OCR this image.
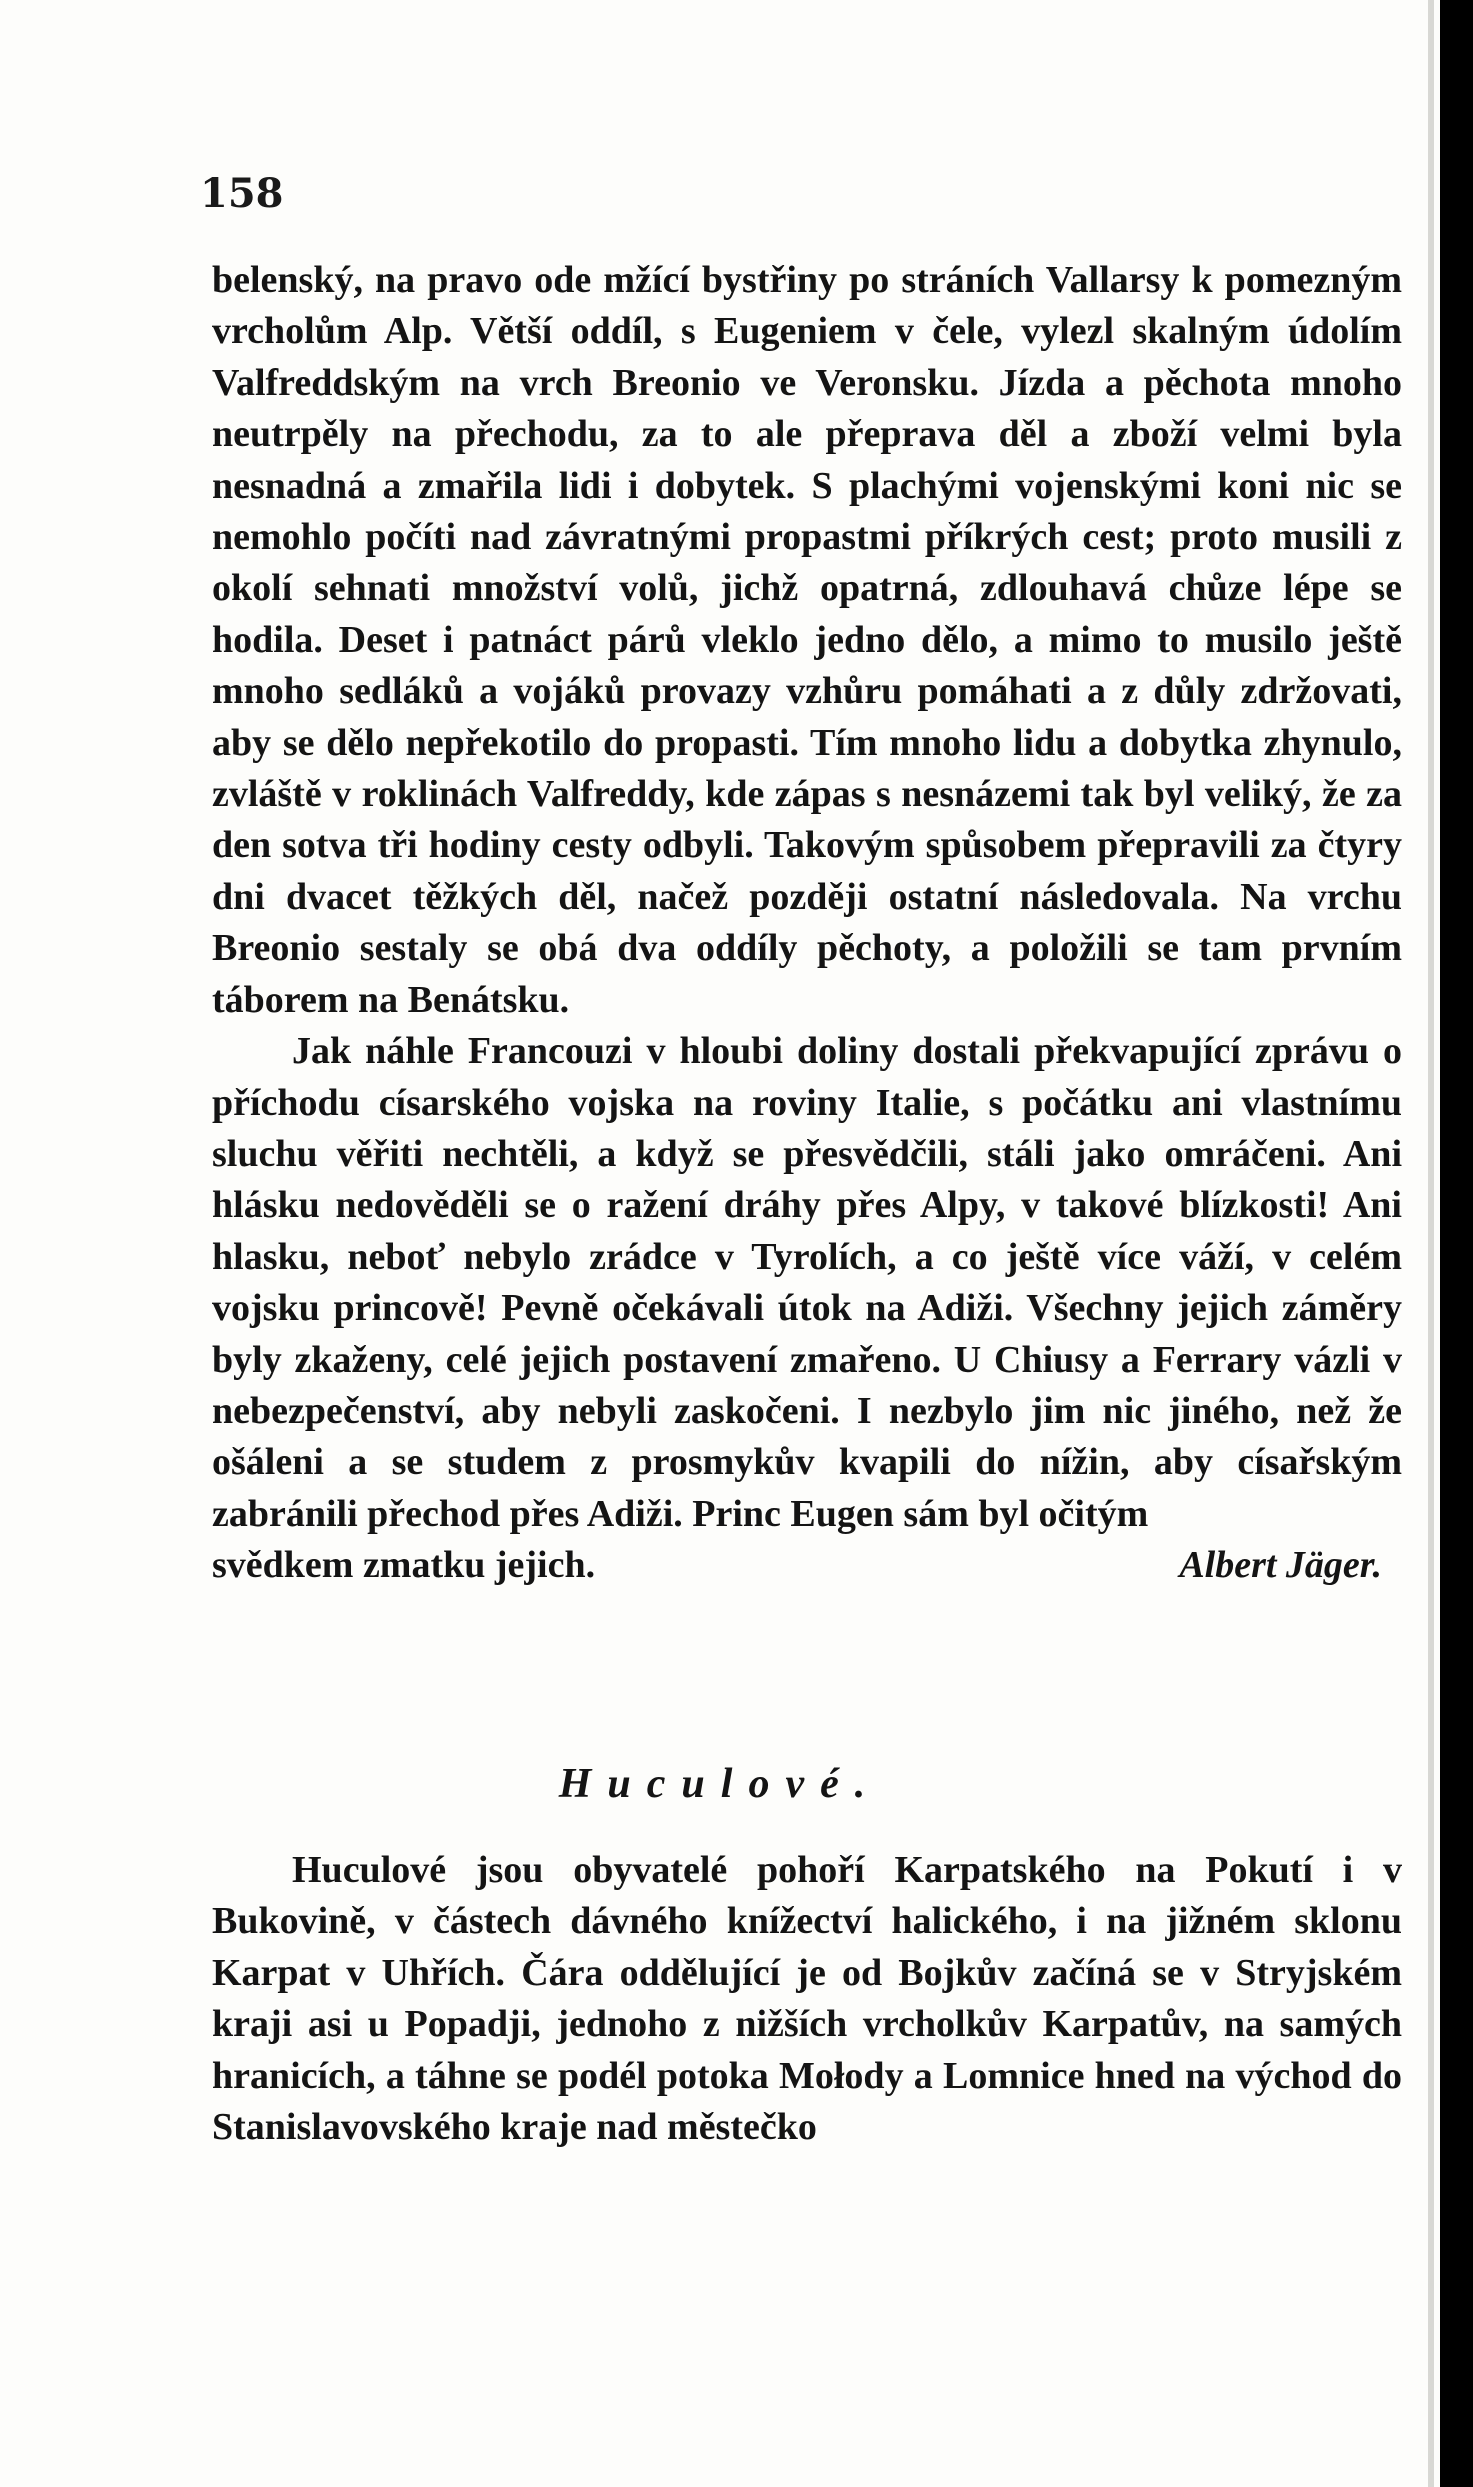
158

belenský, na pravo ode mžící bystřiny po stráních Vallarsy k pomezným vrcholům Alp. Větší oddíl, s Eugeniem v čele, vylezl skalným údolím Valfreddským na vrch Breonio ve Veronsku. Jízda a pěchota mnoho neutrpěly na přechodu, za to ale přeprava děl a zboží velmi byla nesnadná a zmařila lidi i dobytek. S plachými vojenskými koni nic se nemohlo počíti nad závratnými propastmi příkrých cest; proto musili z okolí sehnati množství volů, jichž opatrná, zdlouhavá chůze lépe se hodila. Deset i patnáct párů vleklo jedno dělo, a mimo to musilo ještě mnoho sedláků a vojáků provazy vzhůru pomáhati a z důly zdržovati, aby se dělo nepřekotilo do propasti. Tím mnoho lidu a dobytka zhynulo, zvláště v roklinách Valfreddy, kde zápas s nesnázemi tak byl veliký, že za den sotva tři hodiny cesty odbyli. Takovým spůsobem přepravili za čtyry dni dvacet těžkých děl, načež později ostatní následovala. Na vrchu Breonio sestaly se obá dva oddíly pěchoty, a položili se tam prvním táborem na Benátsku.

Jak náhle Francouzi v hloubi doliny dostali překvapující zprávu o příchodu císarského vojska na roviny Italie, s počátku ani vlastnímu sluchu věřiti nechtěli, a když se přesvědčili, stáli jako omráčeni. Ani hlásku nedověděli se o ražení dráhy přes Alpy, v takové blízkosti! Ani hlasku, neboť nebylo zrádce v Tyrolích, a co ještě více váží, v celém vojsku princově! Pevně očekávali útok na Adiži. Všechny jejich záměry byly zkaženy, celé jejich postavení zmařeno. U Chiusy a Ferrary vázli v nebezpečenství, aby nebyli zaskočeni. I nezbylo jim nic jiného, než že ošáleni a se studem z prosmykův kvapili do nížin, aby císařským zabránili přechod přes Adiži. Princ Eugen sám byl očitým

svědkem zmatku jejich.	Albert Jäger.
Huculové.
Huculové jsou obyvatelé pohoří Karpatského na Pokutí i v Bukovině, v částech dávného knížectví halického, i na jižném sklonu Karpat v Uhřích. Čára oddělující je od Bojkův začíná se v Stryjském kraji asi u Popadji, jednoho z nižších vrcholkův Karpatův, na samých hranicích, a táhne se podél potoka Mołody a Lomnice hned na východ do Stanislavovského kraje nad městečko
